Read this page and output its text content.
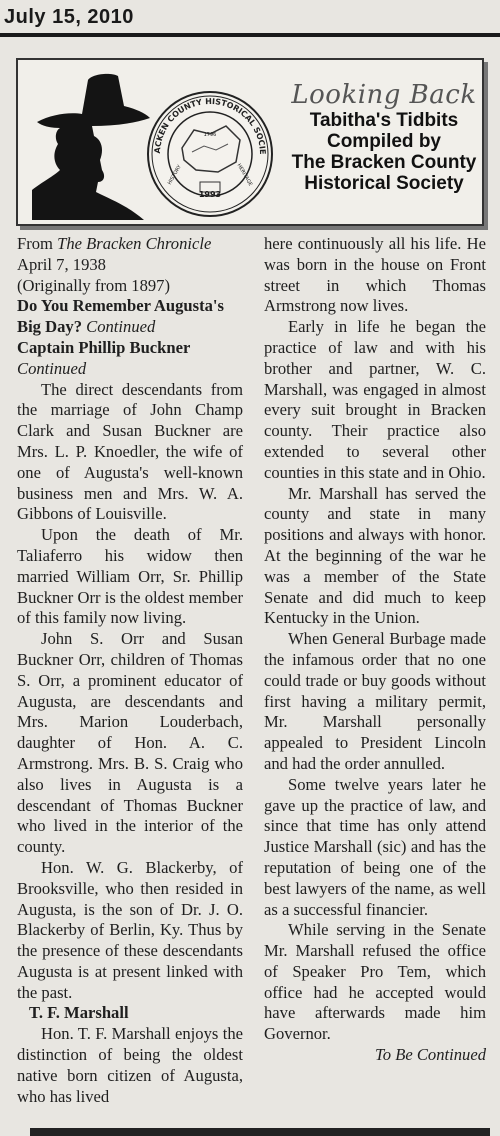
July 15, 2010
ACKEN COUNTY HISTORICAL SOCIE
1993
1796
HISTORY	HERITAGE
Looking Back
Tabitha's Tidbits
Compiled by
The Bracken County
Historical Society
From The Bracken Chronicle
April 7, 1938
(Originally from 1897)
Do You Remember Augusta's Big Day? Continued
Captain Phillip Buckner
Continued

The direct descendants from the marriage of John Champ Clark and Susan Buckner are Mrs. L. P. Knoedler, the wife of one of Augusta's well-known business men and Mrs. W. A. Gibbons of Louisville.

Upon the death of Mr. Taliaferro his widow then married William Orr, Sr. Phillip Buckner Orr is the oldest member of this family now living.

John S. Orr and Susan Buckner Orr, children of Thomas S. Orr, a prominent educator of Augusta, are descendants and Mrs. Marion Louderbach, daughter of Hon. A. C. Armstrong. Mrs. B. S. Craig who also lives in Augusta is a descendant of Thomas Buckner who lived in the interior of the county.

Hon. W. G. Blackerby, of Brooksville, who then resided in Augusta, is the son of Dr. J. O. Blackerby of Berlin, Ky. Thus by the presence of these descendants Augusta is at present linked with the past.

T. F. Marshall

Hon. T. F. Marshall enjoys the distinction of being the oldest native born citizen of Augusta, who has lived

here continuously all his life. He was born in the house on Front street in which Thomas Armstrong now lives.

Early in life he began the practice of law and with his brother and partner, W. C. Marshall, was engaged in almost every suit brought in Bracken county. Their practice also extended to several other counties in this state and in Ohio.

Mr. Marshall has served the county and state in many positions and always with honor. At the beginning of the war he was a member of the State Senate and did much to keep Kentucky in the Union.

When General Burbage made the infamous order that no one could trade or buy goods without first having a military permit, Mr. Marshall personally appealed to President Lincoln and had the order annulled.

Some twelve years later he gave up the practice of law, and since that time has only attend Justice Marshall (sic) and has the reputation of being one of the best lawyers of the name, as well as a successful financier.

While serving in the Senate Mr. Marshall refused the office of Speaker Pro Tem, which office had he accepted would have afterwards made him Governor.

To Be Continued
